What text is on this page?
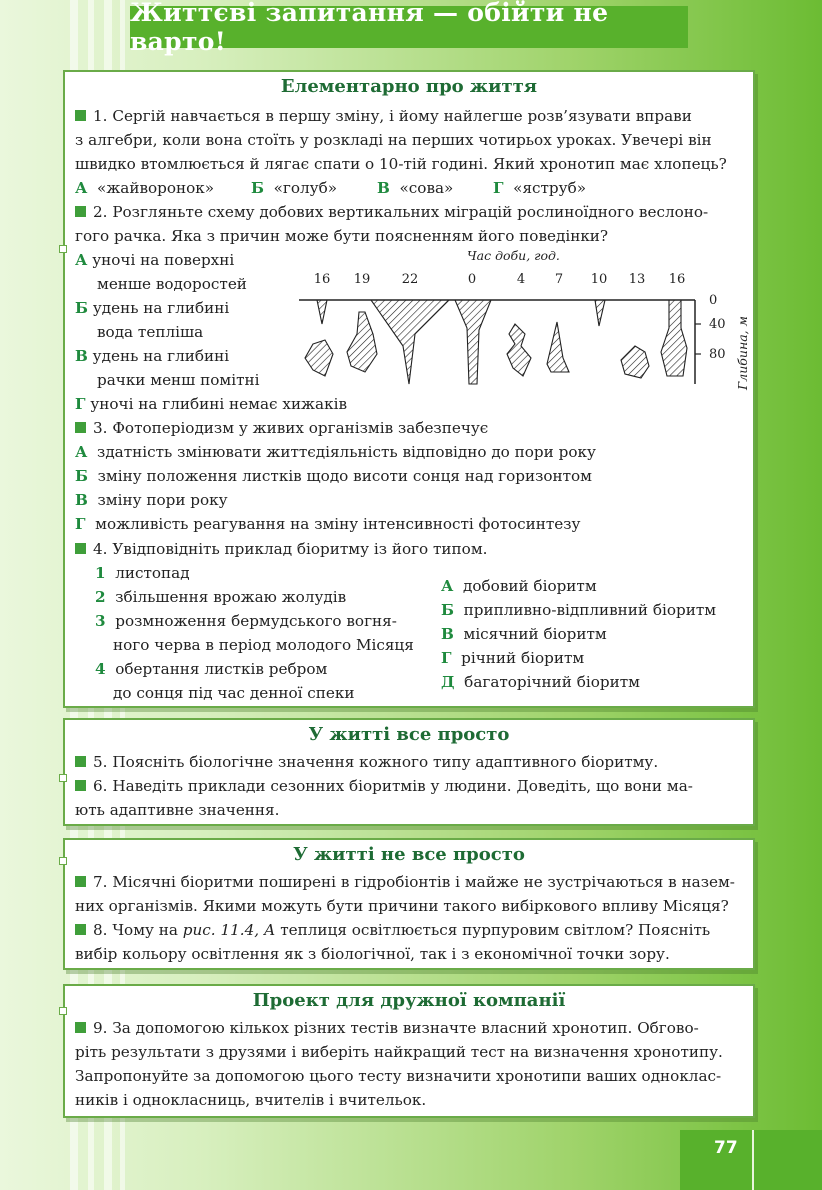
Життєві запитання — обійти не варто!
Елементарно про життя
1. Сергій навчається в першу зміну, і йому найлегше розв’язувати вправи
з алгебри, коли вона стоїть у розкладі на перших чотирьох уроках. Увечері він
швидко втомлюється й лягає спати о 10-тій годині. Який хронотип має хлопець?
А «жайворонок» Б «голуб»	В «сова»	Г «яструб»
2. Розгляньте схему добових вертикальних міграцій рослиноїдного веслоно-
гого рачка. Яка з причин може бути поясненням його поведінки?
А уночі на поверхні
менше водоростей
Б удень на глибині
вода тепліша
В удень на глибині
рачки менш помітні
Г уночі на глибині немає хижаків
Час доби, год.
16 19 22	0	4 7 10 13 16
0
40
80 Глибина, м
3. Фотоперіодизм у живих організмів забезпечує
А здатність змінювати життєдіяльність відповідно до пори року
Б зміну положення листків щодо висоти сонця над горизонтом
В зміну пори року
Г можливість реагування на зміну інтенсивності фотосинтезу
4. Увідповідніть приклад біоритму із його типом.
1 листопад
2 збільшення врожаю жолудів
3 розмноження бермудського вогня-
ного черва в період молодого Місяця
4 обертання листків ребром
до сонця під час денної спеки
А добовий біоритм
Б припливно-відпливний біоритм
В місячний біоритм
Г річний біоритм
Д багаторічний біоритм
У житті все просто
5. Поясніть біологічне значення кожного типу адаптивного біоритму.
6. Наведіть приклади сезонних біоритмів у людини. Доведіть, що вони ма-
ють адаптивне значення.
У житті не все просто
7. Місячні біоритми поширені в гідробіонтів і майже не зустрічаються в назем-
них організмів. Якими можуть бути причини такого вибіркового впливу Місяця?
8. Чому на рис. 11.4, А теплиця освітлюється пурпуровим світлом? Поясніть
вибір кольору освітлення як з біологічної, так і з економічної точки зору.
Проект для дружної компанії
9. За допомогою кількох різних тестів визначте власний хронотип. Обгово-
ріть результати з друзями і виберіть найкращий тест на визначення хронотипу.
Запропонуйте за допомогою цього тесту визначити хронотипи ваших однoклас-
ників і однокласниць, вчителів і вчительок.
77
